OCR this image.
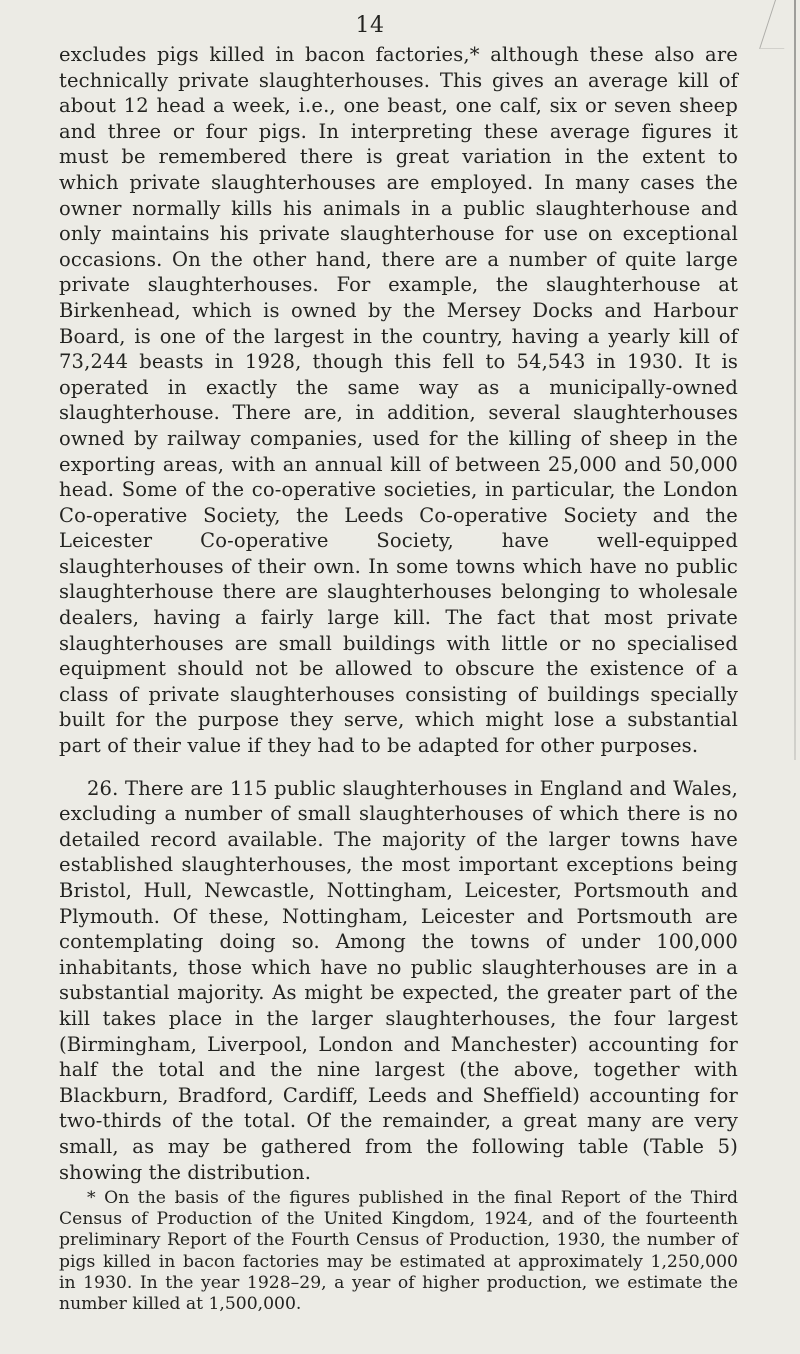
14

excludes pigs killed in bacon factories,* although these also are technically private slaughterhouses. This gives an average kill of about 12 head a week, i.e., one beast, one calf, six or seven sheep and three or four pigs. In interpreting these average figures it must be remembered there is great variation in the extent to which private slaughterhouses are employed. In many cases the owner normally kills his animals in a public slaughterhouse and only maintains his private slaughterhouse for use on exceptional occasions. On the other hand, there are a number of quite large private slaughterhouses. For example, the slaughterhouse at Birkenhead, which is owned by the Mersey Docks and Harbour Board, is one of the largest in the country, having a yearly kill of 73,244 beasts in 1928, though this fell to 54,543 in 1930. It is operated in exactly the same way as a municipally-owned slaughterhouse. There are, in addition, several slaughterhouses owned by railway companies, used for the killing of sheep in the exporting areas, with an annual kill of between 25,000 and 50,000 head. Some of the co-operative societies, in particular, the London Co-operative Society, the Leeds Co-operative Society and the Leicester Co-operative Society, have well-equipped slaughterhouses of their own. In some towns which have no public slaughterhouse there are slaughterhouses belonging to wholesale dealers, having a fairly large kill. The fact that most private slaughterhouses are small buildings with little or no specialised equipment should not be allowed to obscure the existence of a class of private slaughterhouses consisting of buildings specially built for the purpose they serve, which might lose a substantial part of their value if they had to be adapted for other purposes.

26. There are 115 public slaughterhouses in England and Wales, excluding a number of small slaughterhouses of which there is no detailed record available. The majority of the larger towns have established slaughterhouses, the most important exceptions being Bristol, Hull, Newcastle, Nottingham, Leicester, Portsmouth and Plymouth. Of these, Nottingham, Leicester and Portsmouth are contemplating doing so. Among the towns of under 100,000 inhabitants, those which have no public slaughterhouses are in a substantial majority. As might be expected, the greater part of the kill takes place in the larger slaughterhouses, the four largest (Birmingham, Liverpool, London and Manchester) accounting for half the total and the nine largest (the above, together with Blackburn, Bradford, Cardiff, Leeds and Sheffield) accounting for two-thirds of the total. Of the remainder, a great many are very small, as may be gathered from the following table (Table 5) showing the distribution.

* On the basis of the figures published in the final Report of the Third Census of Production of the United Kingdom, 1924, and of the fourteenth preliminary Report of the Fourth Census of Production, 1930, the number of pigs killed in bacon factories may be estimated at approximately 1,250,000 in 1930. In the year 1928–29, a year of higher production, we estimate the number killed at 1,500,000.
